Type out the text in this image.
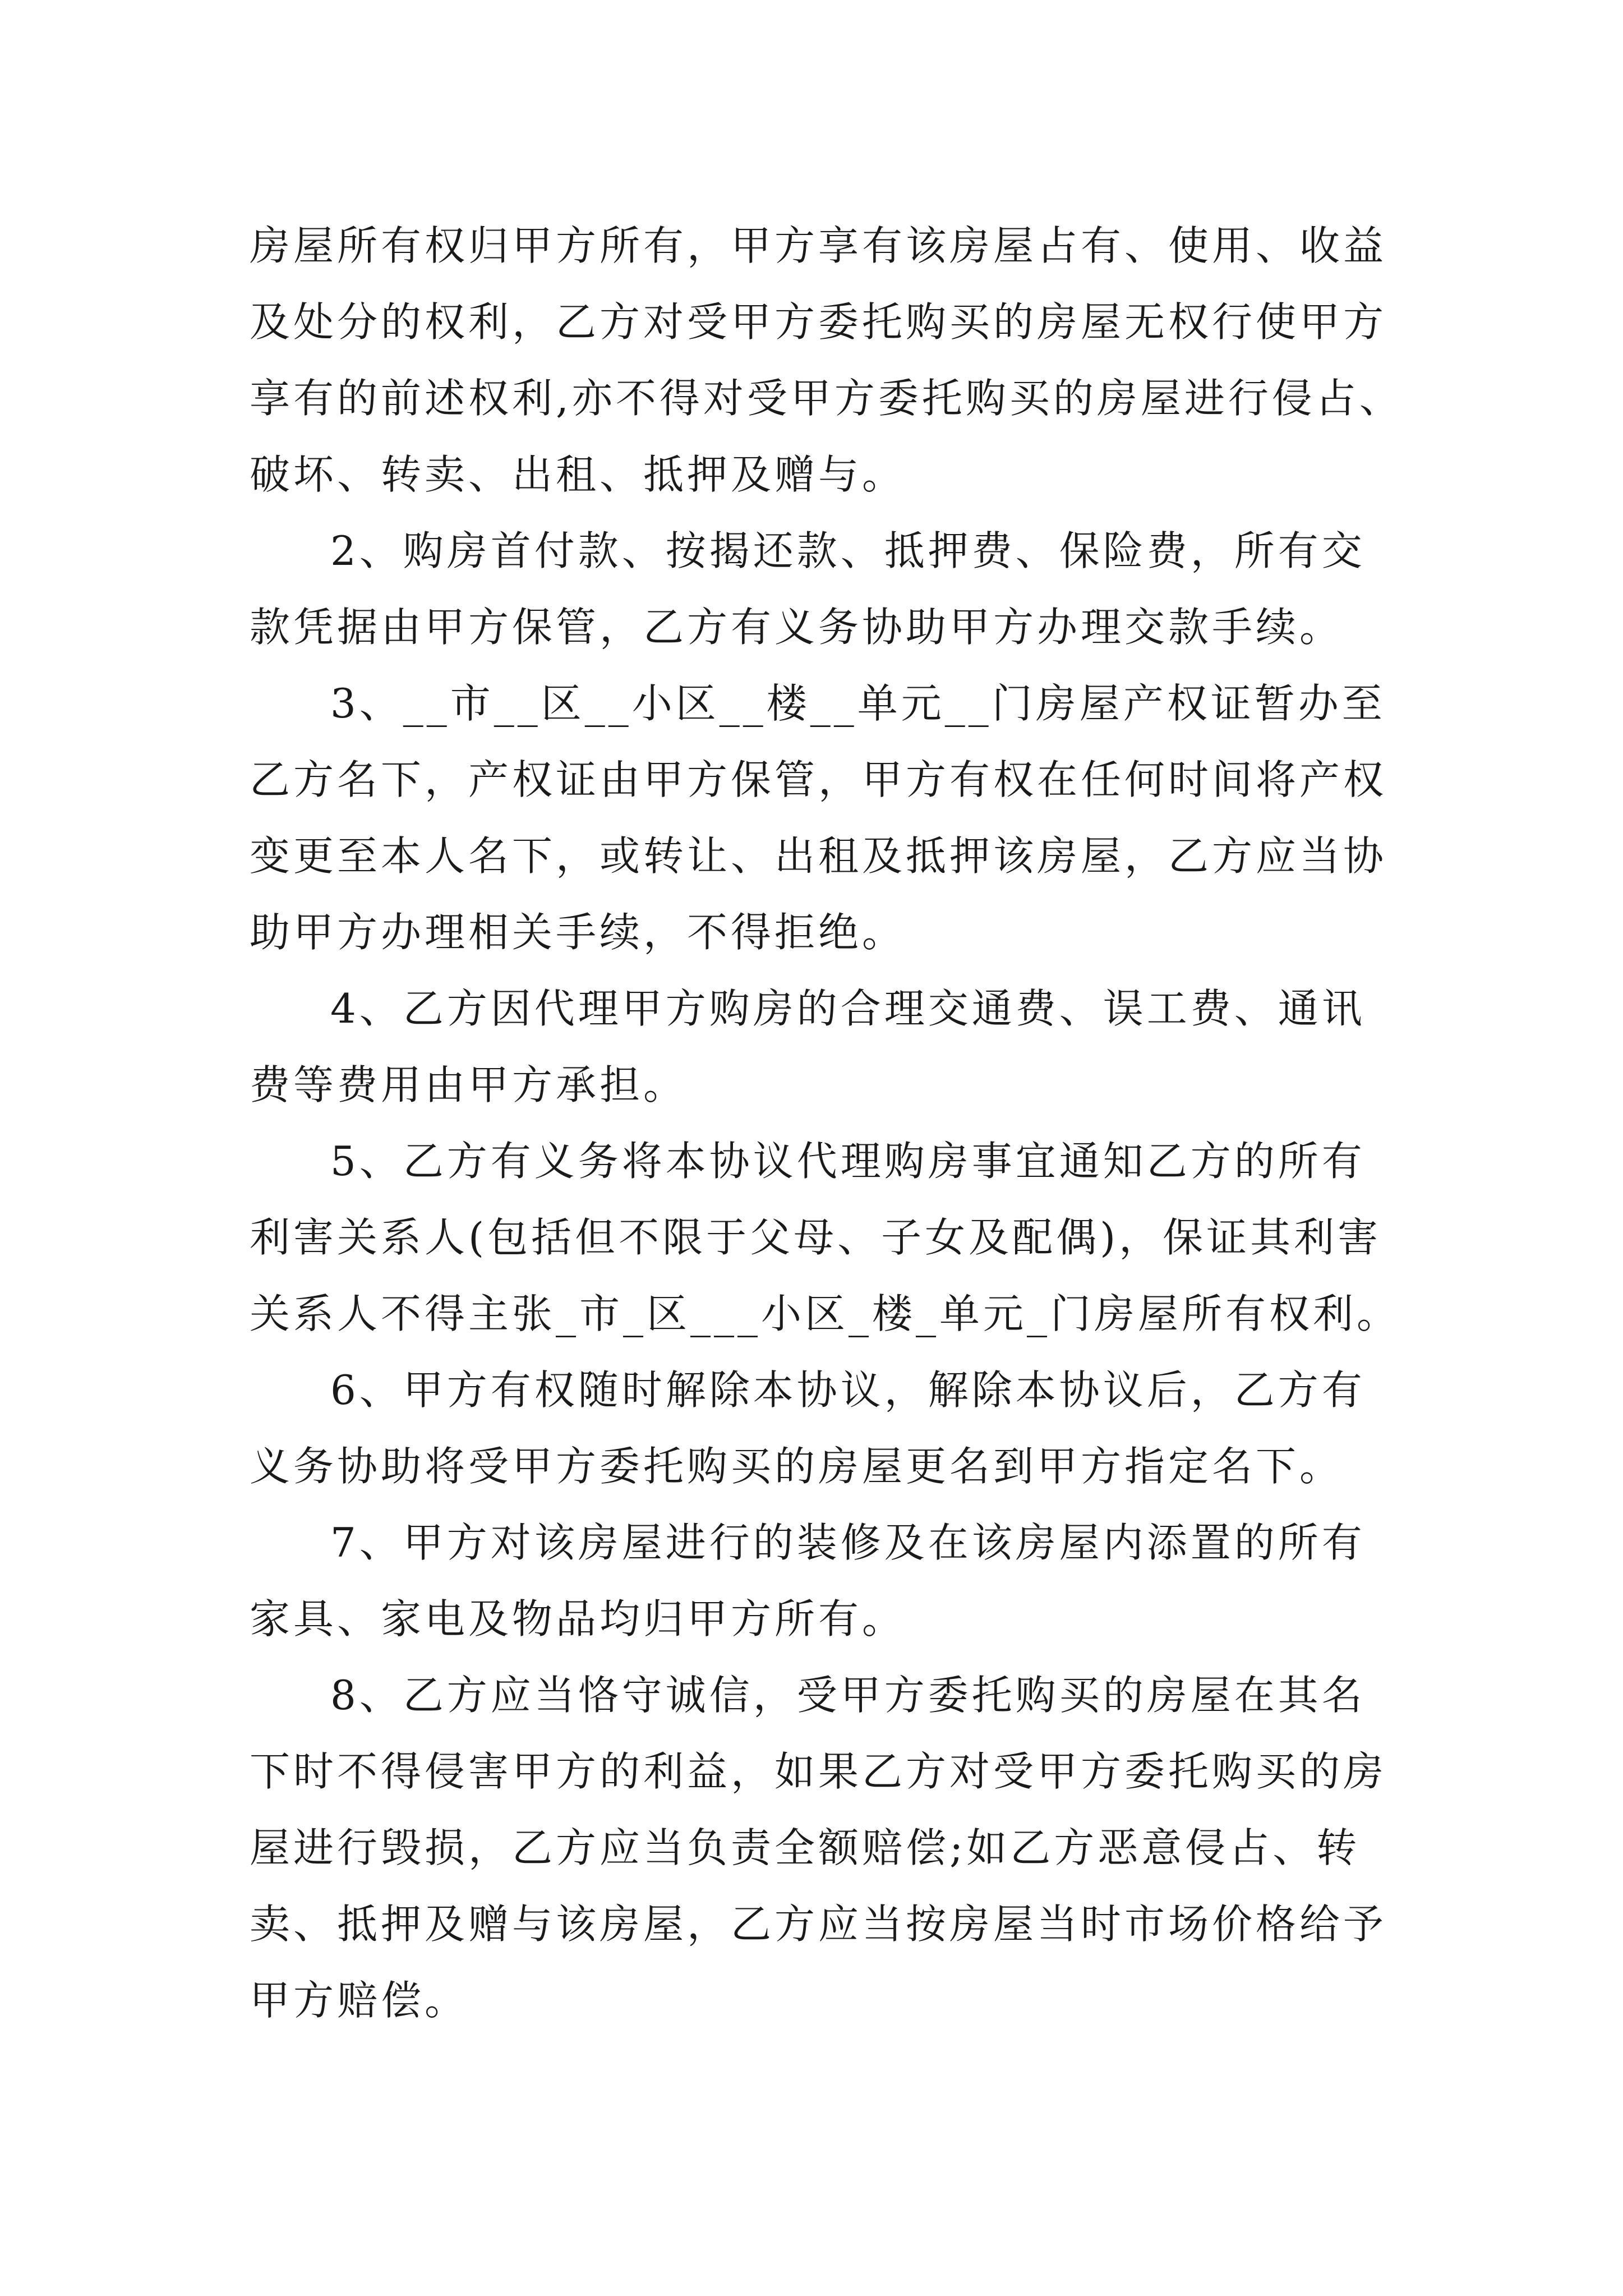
房屋所有权归甲方所有，甲方享有该房屋占有、使用、收益
及处分的权利，乙方对受甲方委托购买的房屋无权行使甲方
享有的前述权利,亦不得对受甲方委托购买的房屋进行侵占、
破坏、转卖、出租、抵押及赠与。
2、购房首付款、按揭还款、抵押费、保险费，所有交
款凭据由甲方保管，乙方有义务协助甲方办理交款手续。
3、__市__区__小区__楼__单元__门房屋产权证暂办至
乙方名下，产权证由甲方保管，甲方有权在任何时间将产权
变更至本人名下，或转让、出租及抵押该房屋，乙方应当协
助甲方办理相关手续，不得拒绝。
4、乙方因代理甲方购房的合理交通费、误工费、通讯
费等费用由甲方承担。
5、乙方有义务将本协议代理购房事宜通知乙方的所有
利害关系人(包括但不限于父母、子女及配偶)，保证其利害
关系人不得主张_市_区___小区_楼_单元_门房屋所有权利。
6、甲方有权随时解除本协议，解除本协议后，乙方有
义务协助将受甲方委托购买的房屋更名到甲方指定名下。
7、甲方对该房屋进行的装修及在该房屋内添置的所有
家具、家电及物品均归甲方所有。
8、乙方应当恪守诚信，受甲方委托购买的房屋在其名
下时不得侵害甲方的利益，如果乙方对受甲方委托购买的房
屋进行毁损，乙方应当负责全额赔偿;如乙方恶意侵占、转
卖、抵押及赠与该房屋，乙方应当按房屋当时市场价格给予
甲方赔偿。
